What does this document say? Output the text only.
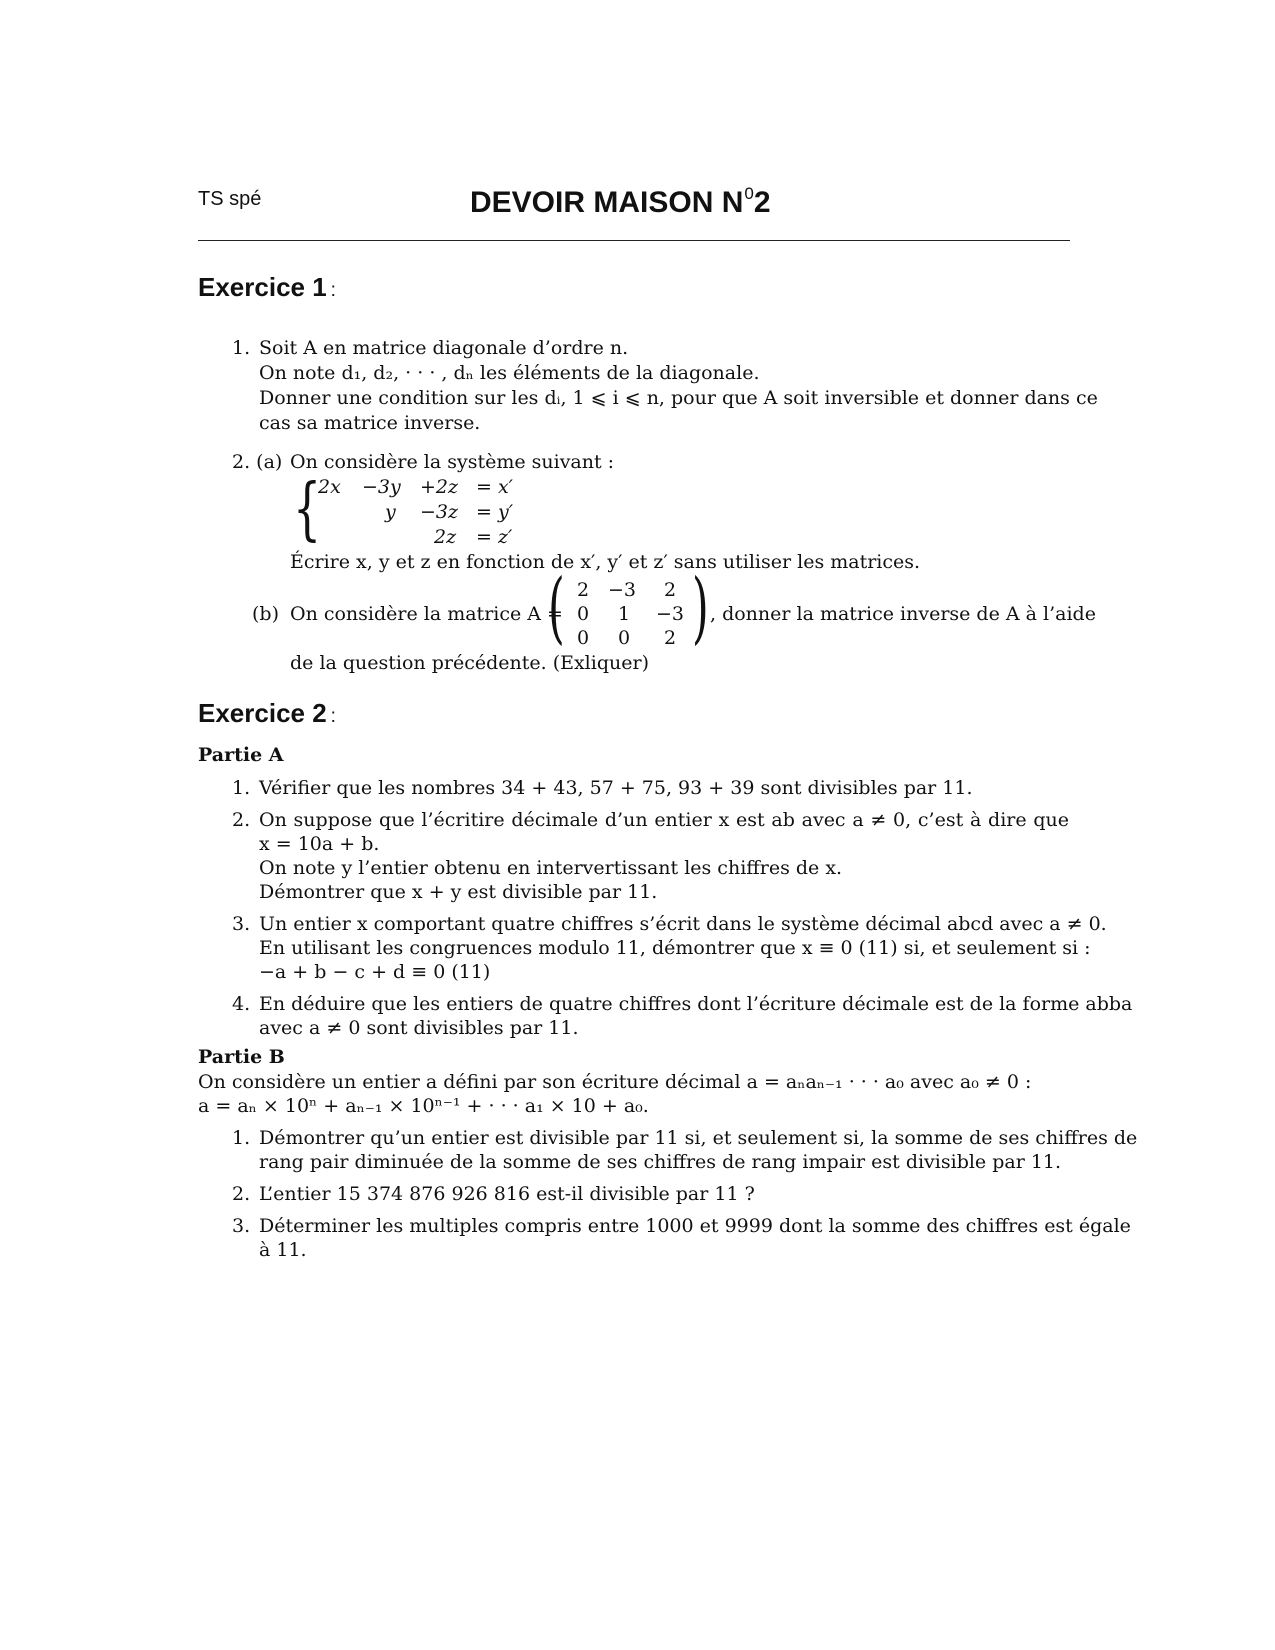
TS spé	DEVOIR MAISON $N^02$
Exercice 1 :
1. Soit A en matrice diagonale d’ordre n.
On note d₁, d₂, · · · , dₙ les éléments de la diagonale.
Donner une condition sur les dᵢ, 1 ⩽ i ⩽ n, pour que A soit inversible et donner dans ce
cas sa matrice inverse.
2. (a) On considère la système suivant :
{
2x −3y +2z = x′
y −3z = y′
2z = z′
Écrire x, y et z en fonction de x′, y′ et z′ sans utiliser les matrices.
(b) On considère la matrice A =
( 2 −3 2
0 1 −3
0 0 2 ) , donner la matrice inverse de A à l’aide
de la question précédente. (Exliquer)
Exercice 2 :
Partie A
1. Vérifier que les nombres 34 + 43, 57 + 75, 93 + 39 sont divisibles par 11.
2. On suppose que l’écritire décimale d’un entier x est ab avec a ≠ 0, c’est à dire que
x = 10a + b.
On note y l’entier obtenu en intervertissant les chiffres de x.
Démontrer que x + y est divisible par 11.
3. Un entier x comportant quatre chiffres s’écrit dans le système décimal abcd avec a ≠ 0.
En utilisant les congruences modulo 11, démontrer que x ≡ 0 (11) si, et seulement si :
−a + b − c + d ≡ 0 (11)
4. En déduire que les entiers de quatre chiffres dont l’écriture décimale est de la forme abba
avec a ≠ 0 sont divisibles par 11.
Partie B
On considère un entier a défini par son écriture décimal a = aₙaₙ₋₁ · · · a₀ avec a₀ ≠ 0 :
a = aₙ × 10ⁿ + aₙ₋₁ × 10ⁿ⁻¹ + · · · a₁ × 10 + a₀.
1. Démontrer qu’un entier est divisible par 11 si, et seulement si, la somme de ses chiffres de
rang pair diminuée de la somme de ses chiffres de rang impair est divisible par 11.
2. L’entier 15 374 876 926 816 est-il divisible par 11 ?
3. Déterminer les multiples compris entre 1000 et 9999 dont la somme des chiffres est égale
à 11.
